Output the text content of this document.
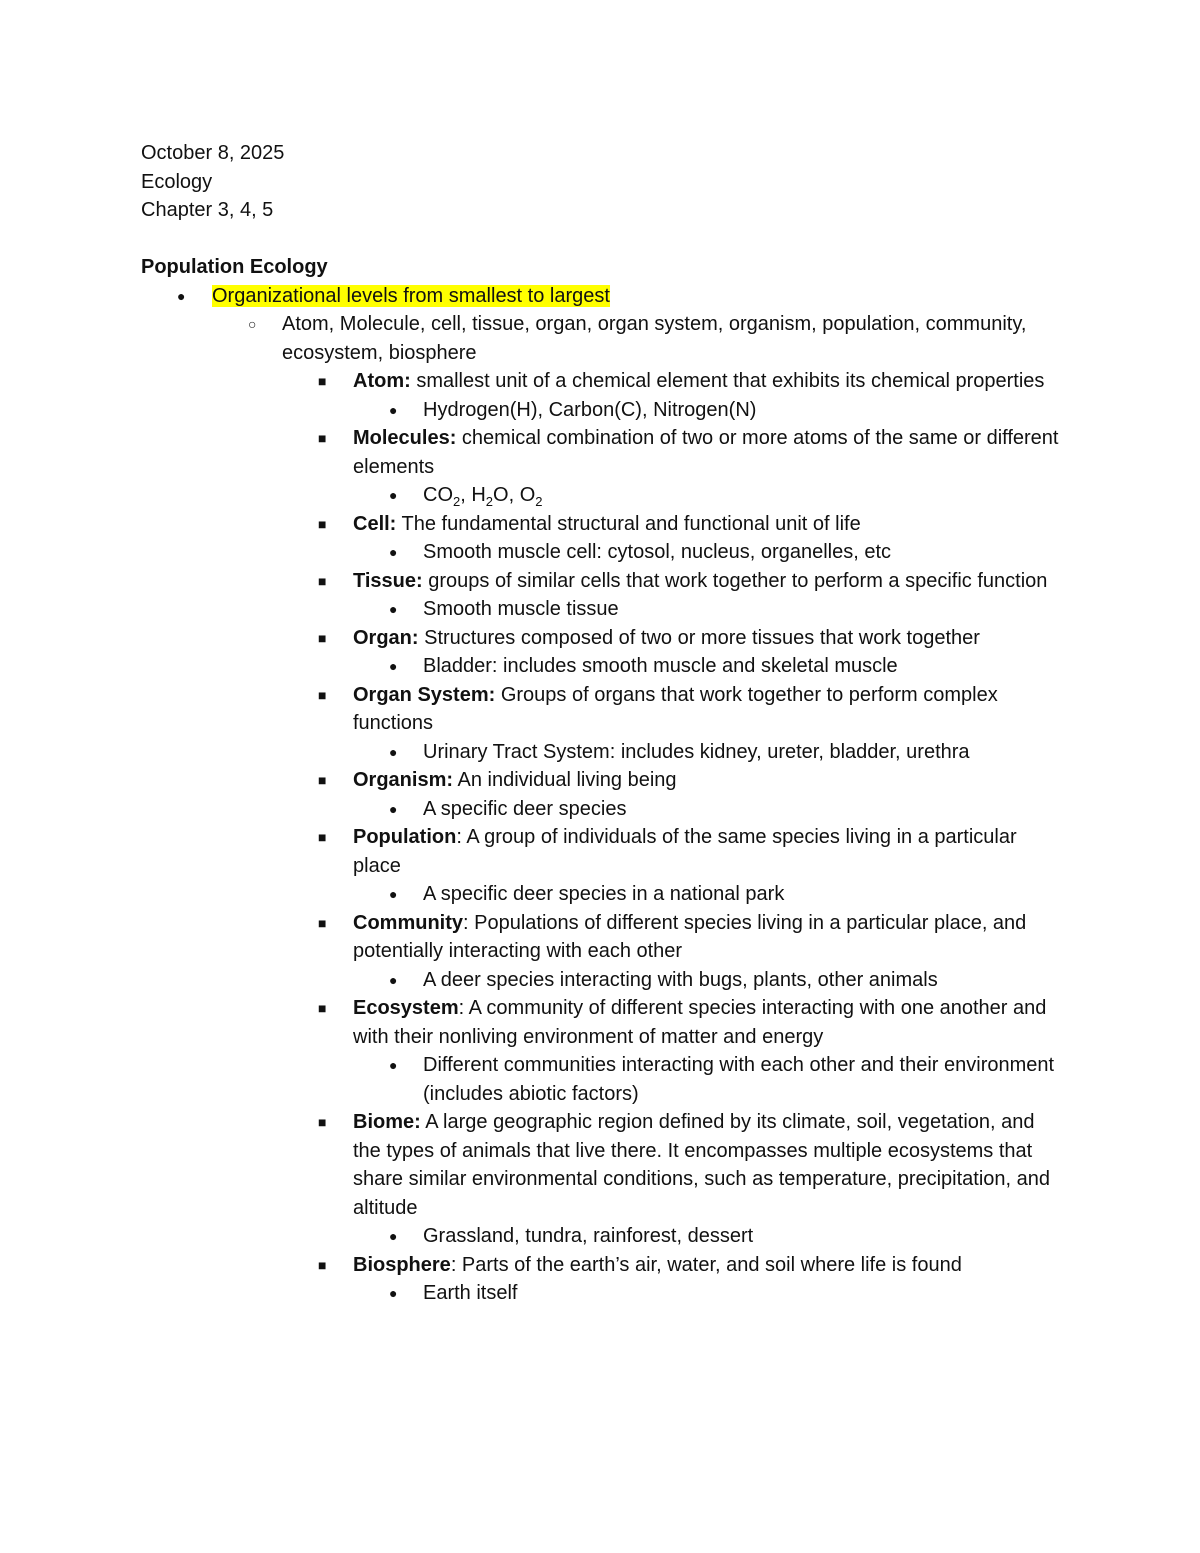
October 8, 2025

Ecology

Chapter 3, 4, 5

Population Ecology

● Organizational levels from smallest to largest
○ Atom, Molecule, cell, tissue, organ, organ system, organism, population, community, ecosystem, biosphere
■ Atom: smallest unit of a chemical element that exhibits its chemical properties
● Hydrogen(H), Carbon(C), Nitrogen(N)
■ Molecules: chemical combination of two or more atoms of the same or different elements
● $CO_2$, $H_2O$, $O_2$
■ Cell: The fundamental structural and functional unit of life
● Smooth muscle cell: cytosol, nucleus, organelles, etc
■ Tissue: groups of similar cells that work together to perform a specific function
● Smooth muscle tissue
■ Organ: Structures composed of two or more tissues that work together
● Bladder: includes smooth muscle and skeletal muscle
■ Organ System: Groups of organs that work together to perform complex functions
● Urinary Tract System: includes kidney, ureter, bladder, urethra
■ Organism: An individual living being
● A specific deer species
■ Population: A group of individuals of the same species living in a particular place
● A specific deer species in a national park
■ Community: Populations of different species living in a particular place, and potentially interacting with each other
● A deer species interacting with bugs, plants, other animals
■ Ecosystem: A community of different species interacting with one another and with their nonliving environment of matter and energy
● Different communities interacting with each other and their environment (includes abiotic factors)
■ Biome: A large geographic region defined by its climate, soil, vegetation, and the types of animals that live there. It encompasses multiple ecosystems that share similar environmental conditions, such as temperature, precipitation, and altitude
● Grassland, tundra, rainforest, dessert
■ Biosphere: Parts of the earth’s air, water, and soil where life is found
● Earth itself
